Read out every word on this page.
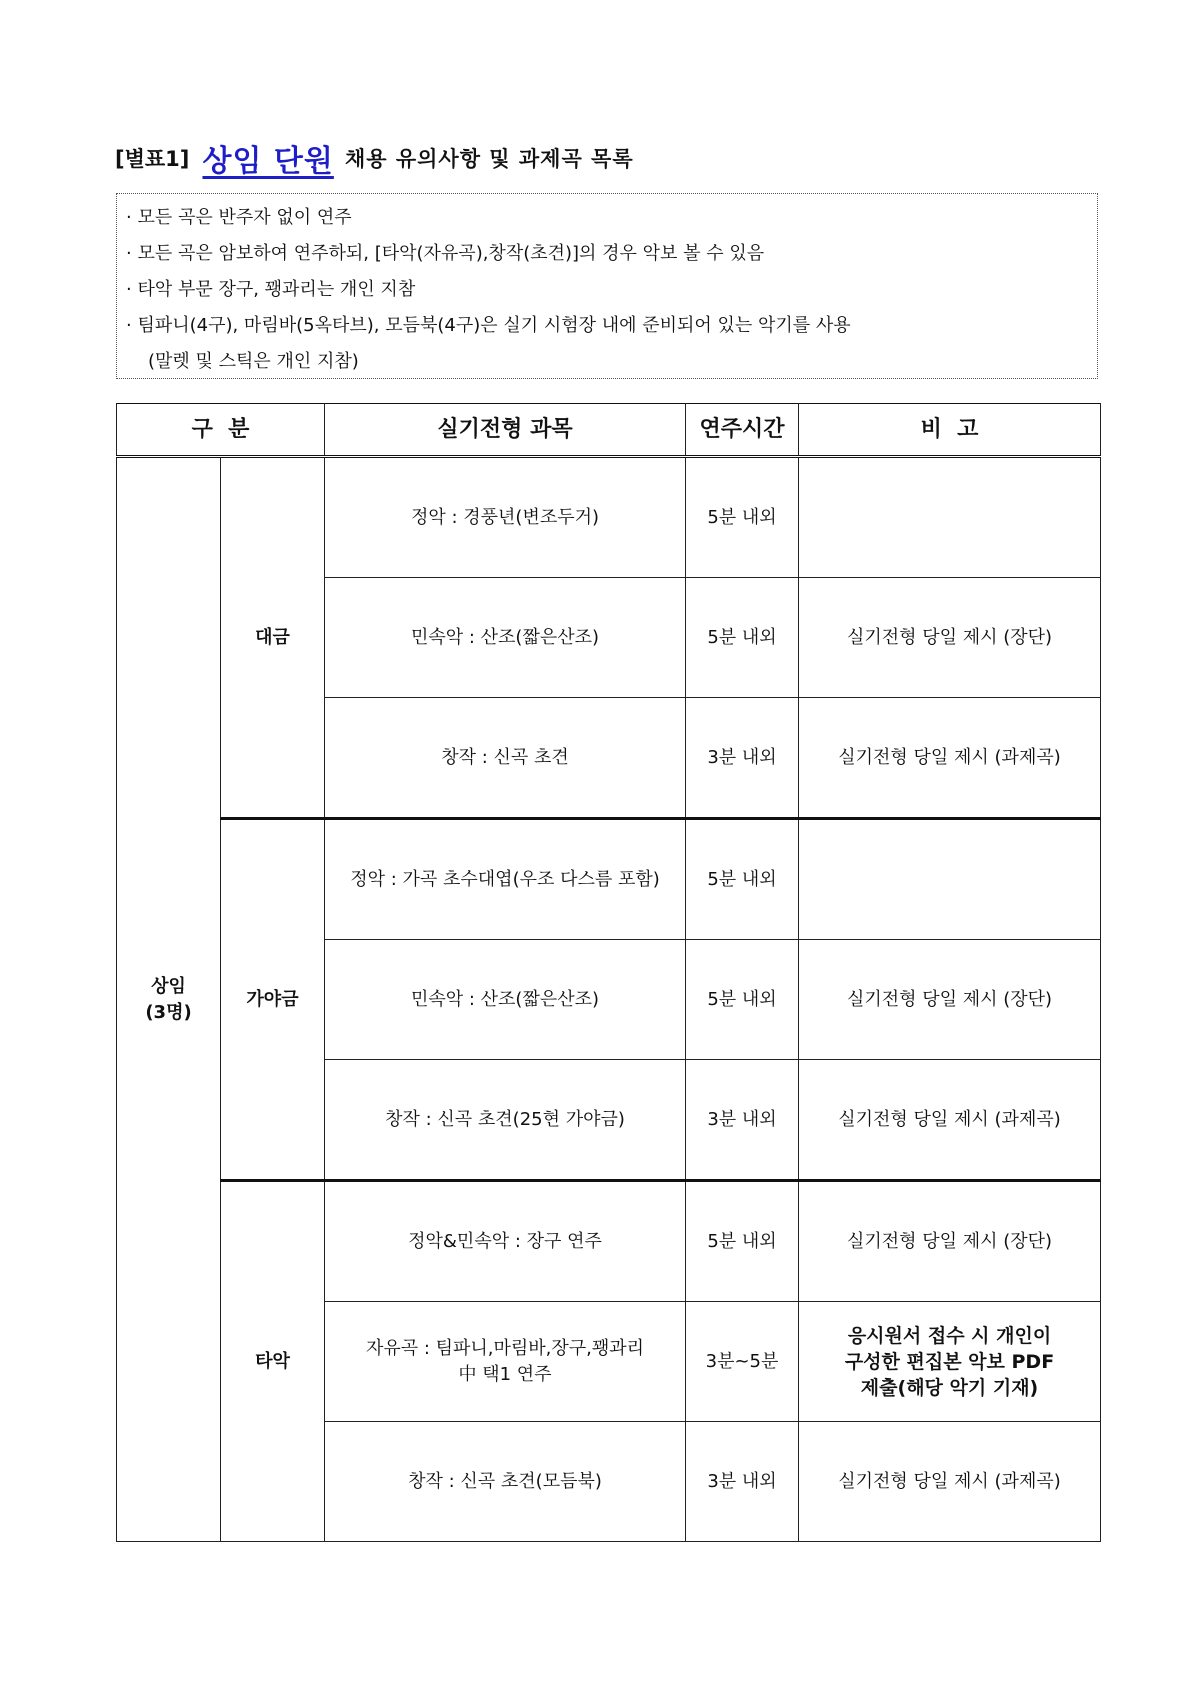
[별표1] 상임 단원 채용 유의사항 및 과제곡 목록

· 모든 곡은 반주자 없이 연주

· 모든 곡은 암보하여 연주하되, [타악(자유곡),창작(초견)]의 경우 악보 볼 수 있음

· 타악 부문 장구, 꽹과리는 개인 지참

· 팀파니(4구), 마림바(5옥타브), 모듬북(4구)은 실기 시험장 내에 준비되어 있는 악기를 사용

(말렛 및 스틱은 개인 지참)

구  분		실기전형 과목	연주시간	비  고
상임
(3명)	대금	정악 : 경풍년(변조두거)	5분 내외	
		민속악 : 산조(짧은산조)	5분 내외	실기전형 당일 제시 (장단)
		창작 : 신곡 초견	3분 내외	실기전형 당일 제시 (과제곡)
	가야금	정악 : 가곡 초수대엽(우조 다스름 포함)	5분 내외	
		민속악 : 산조(짧은산조)	5분 내외	실기전형 당일 제시 (장단)
		창작 : 신곡 초견(25현 가야금)	3분 내외	실기전형 당일 제시 (과제곡)
	타악	정악&민속악 : 장구 연주	5분 내외	실기전형 당일 제시 (장단)
		자유곡 : 팀파니,마림바,장구,꽹과리
中 택1 연주	3분~5분	응시원서 접수 시 개인이
구성한 편집본 악보 PDF
제출(해당 악기 기재)
		창작 : 신곡 초견(모듬북)	3분 내외	실기전형 당일 제시 (과제곡)
